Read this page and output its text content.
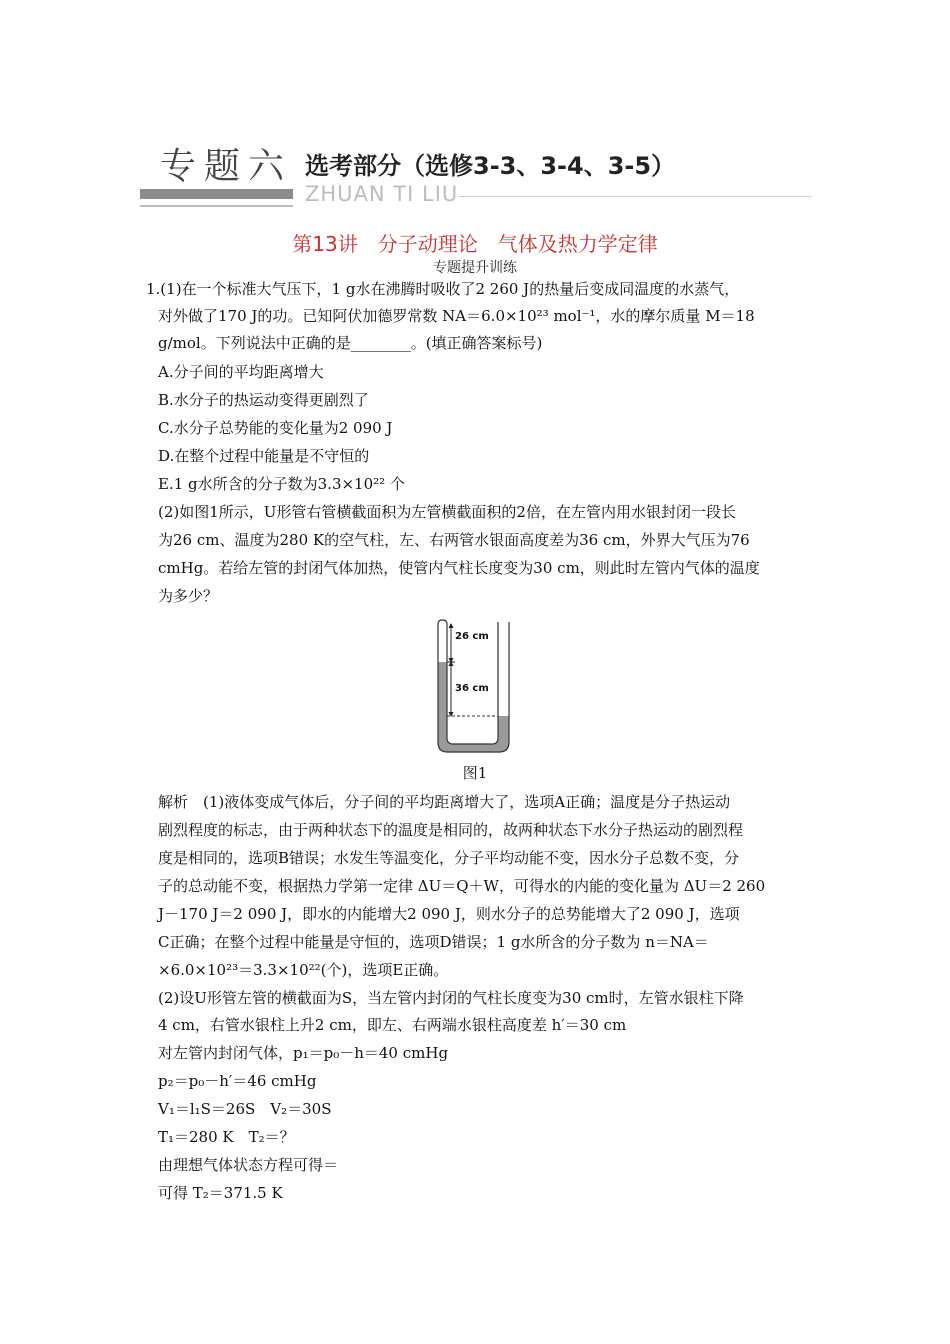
专题六 选考部分（选修3-3、3-4、3-5）
ZHUAN TI LIU
第13讲　分子动理论　气体及热力学定律
专题提升训练
1.(1)在一个标准大气压下，1 g水在沸腾时吸收了2 260 J的热量后变成同温度的水蒸气，
对外做了170 J的功。已知阿伏加德罗常数 NA＝6.0×10²³ mol⁻¹，水的摩尔质量 M＝18
g/mol。下列说法中正确的是________。(填正确答案标号)
A.分子间的平均距离增大
B.水分子的热运动变得更剧烈了
C.水分子总势能的变化量为2 090 J
D.在整个过程中能量是不守恒的
E.1 g水所含的分子数为3.3×10²² 个
(2)如图1所示，U形管右管横截面积为左管横截面积的2倍，在左管内用水银封闭一段长
为26 cm、温度为280 K的空气柱，左、右两管水银面高度差为36 cm，外界大气压为76
cmHg。若给左管的封闭气体加热，使管内气柱长度变为30 cm，则此时左管内气体的温度
为多少？
26 cm
36 cm
图1
解析　(1)液体变成气体后，分子间的平均距离增大了，选项A正确；温度是分子热运动
剧烈程度的标志，由于两种状态下的温度是相同的，故两种状态下水分子热运动的剧烈程
度是相同的，选项B错误；水发生等温变化，分子平均动能不变，因水分子总数不变，分
子的总动能不变，根据热力学第一定律 ΔU＝Q＋W，可得水的内能的变化量为 ΔU＝2 260
J－170 J＝2 090 J，即水的内能增大2 090 J，则水分子的总势能增大了2 090 J，选项
C正确；在整个过程中能量是守恒的，选项D错误；1 g水所含的分子数为 n＝NA＝
×6.0×10²³＝3.3×10²²(个)，选项E正确。
(2)设U形管左管的横截面为S，当左管内封闭的气柱长度变为30 cm时，左管水银柱下降
4 cm，右管水银柱上升2 cm，即左、右两端水银柱高度差 h′＝30 cm
对左管内封闭气体，p₁＝p₀－h＝40 cmHg
p₂＝p₀－h′＝46 cmHg
V₁＝l₁S＝26S　V₂＝30S
T₁＝280 K　T₂＝？
由理想气体状态方程可得＝
可得 T₂＝371.5 K
